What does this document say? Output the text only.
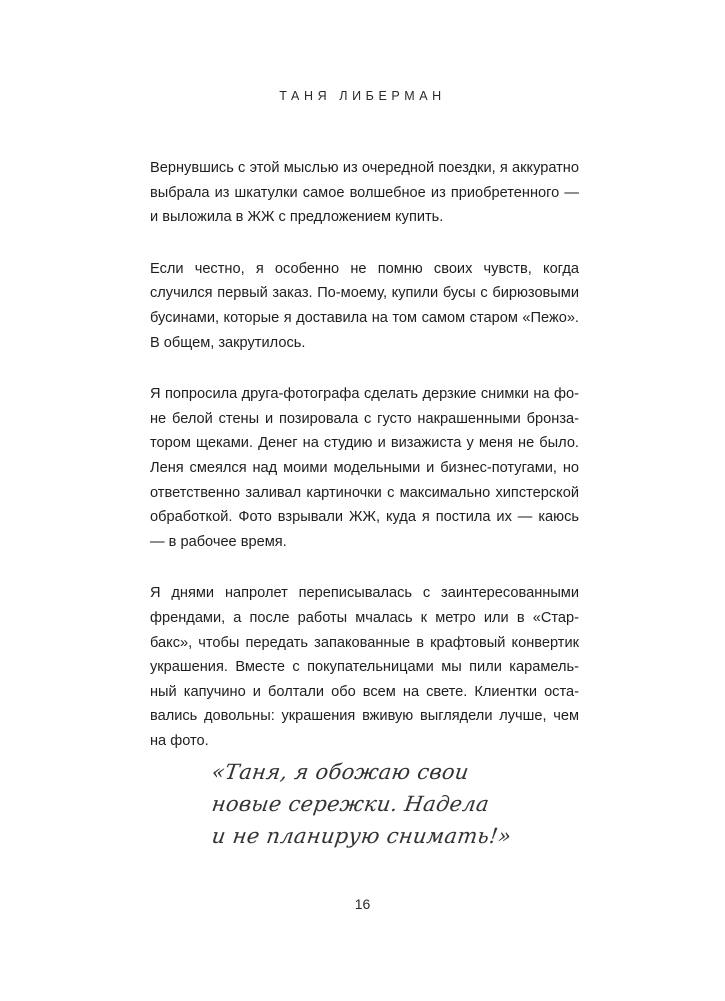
ТАНЯ ЛИБЕРМАН

Вернувшись с этой мыслью из очередной поездки, я аккуратно выбрала из шкатулки самое волшебное из приобретенного — и выложила в ЖЖ с предложением купить.

Если честно, я особенно не помню своих чувств, когда случился первый заказ. По-моему, купили бусы с бирюзовыми бусинами, которые я доставила на том самом старом «Пежо». В общем, закрутилось.

Я попросила друга-фотографа сделать дерзкие снимки на фоне белой стены и позировала с густо накрашенными бронзатором щеками. Денег на студию и визажиста у меня не было. Леня смеялся над моими модельными и бизнес-потугами, но ответственно заливал картиночки с максимально хипстерской обработкой. Фото взрывали ЖЖ, куда я постила их — каюсь — в рабочее время.

Я днями напролет переписывалась с заинтересованными френдами, а после работы мчалась к метро или в «Старбакс», чтобы передать запакованные в крафтовый конвертик украшения. Вместе с покупательницами мы пили карамельный капучино и болтали обо всем на свете. Клиентки оставались довольны: украшения вживую выглядели лучше, чем на фото.

«Таня, я обожаю свои
новые сережки. Надела
и не планирую снимать!»
16
